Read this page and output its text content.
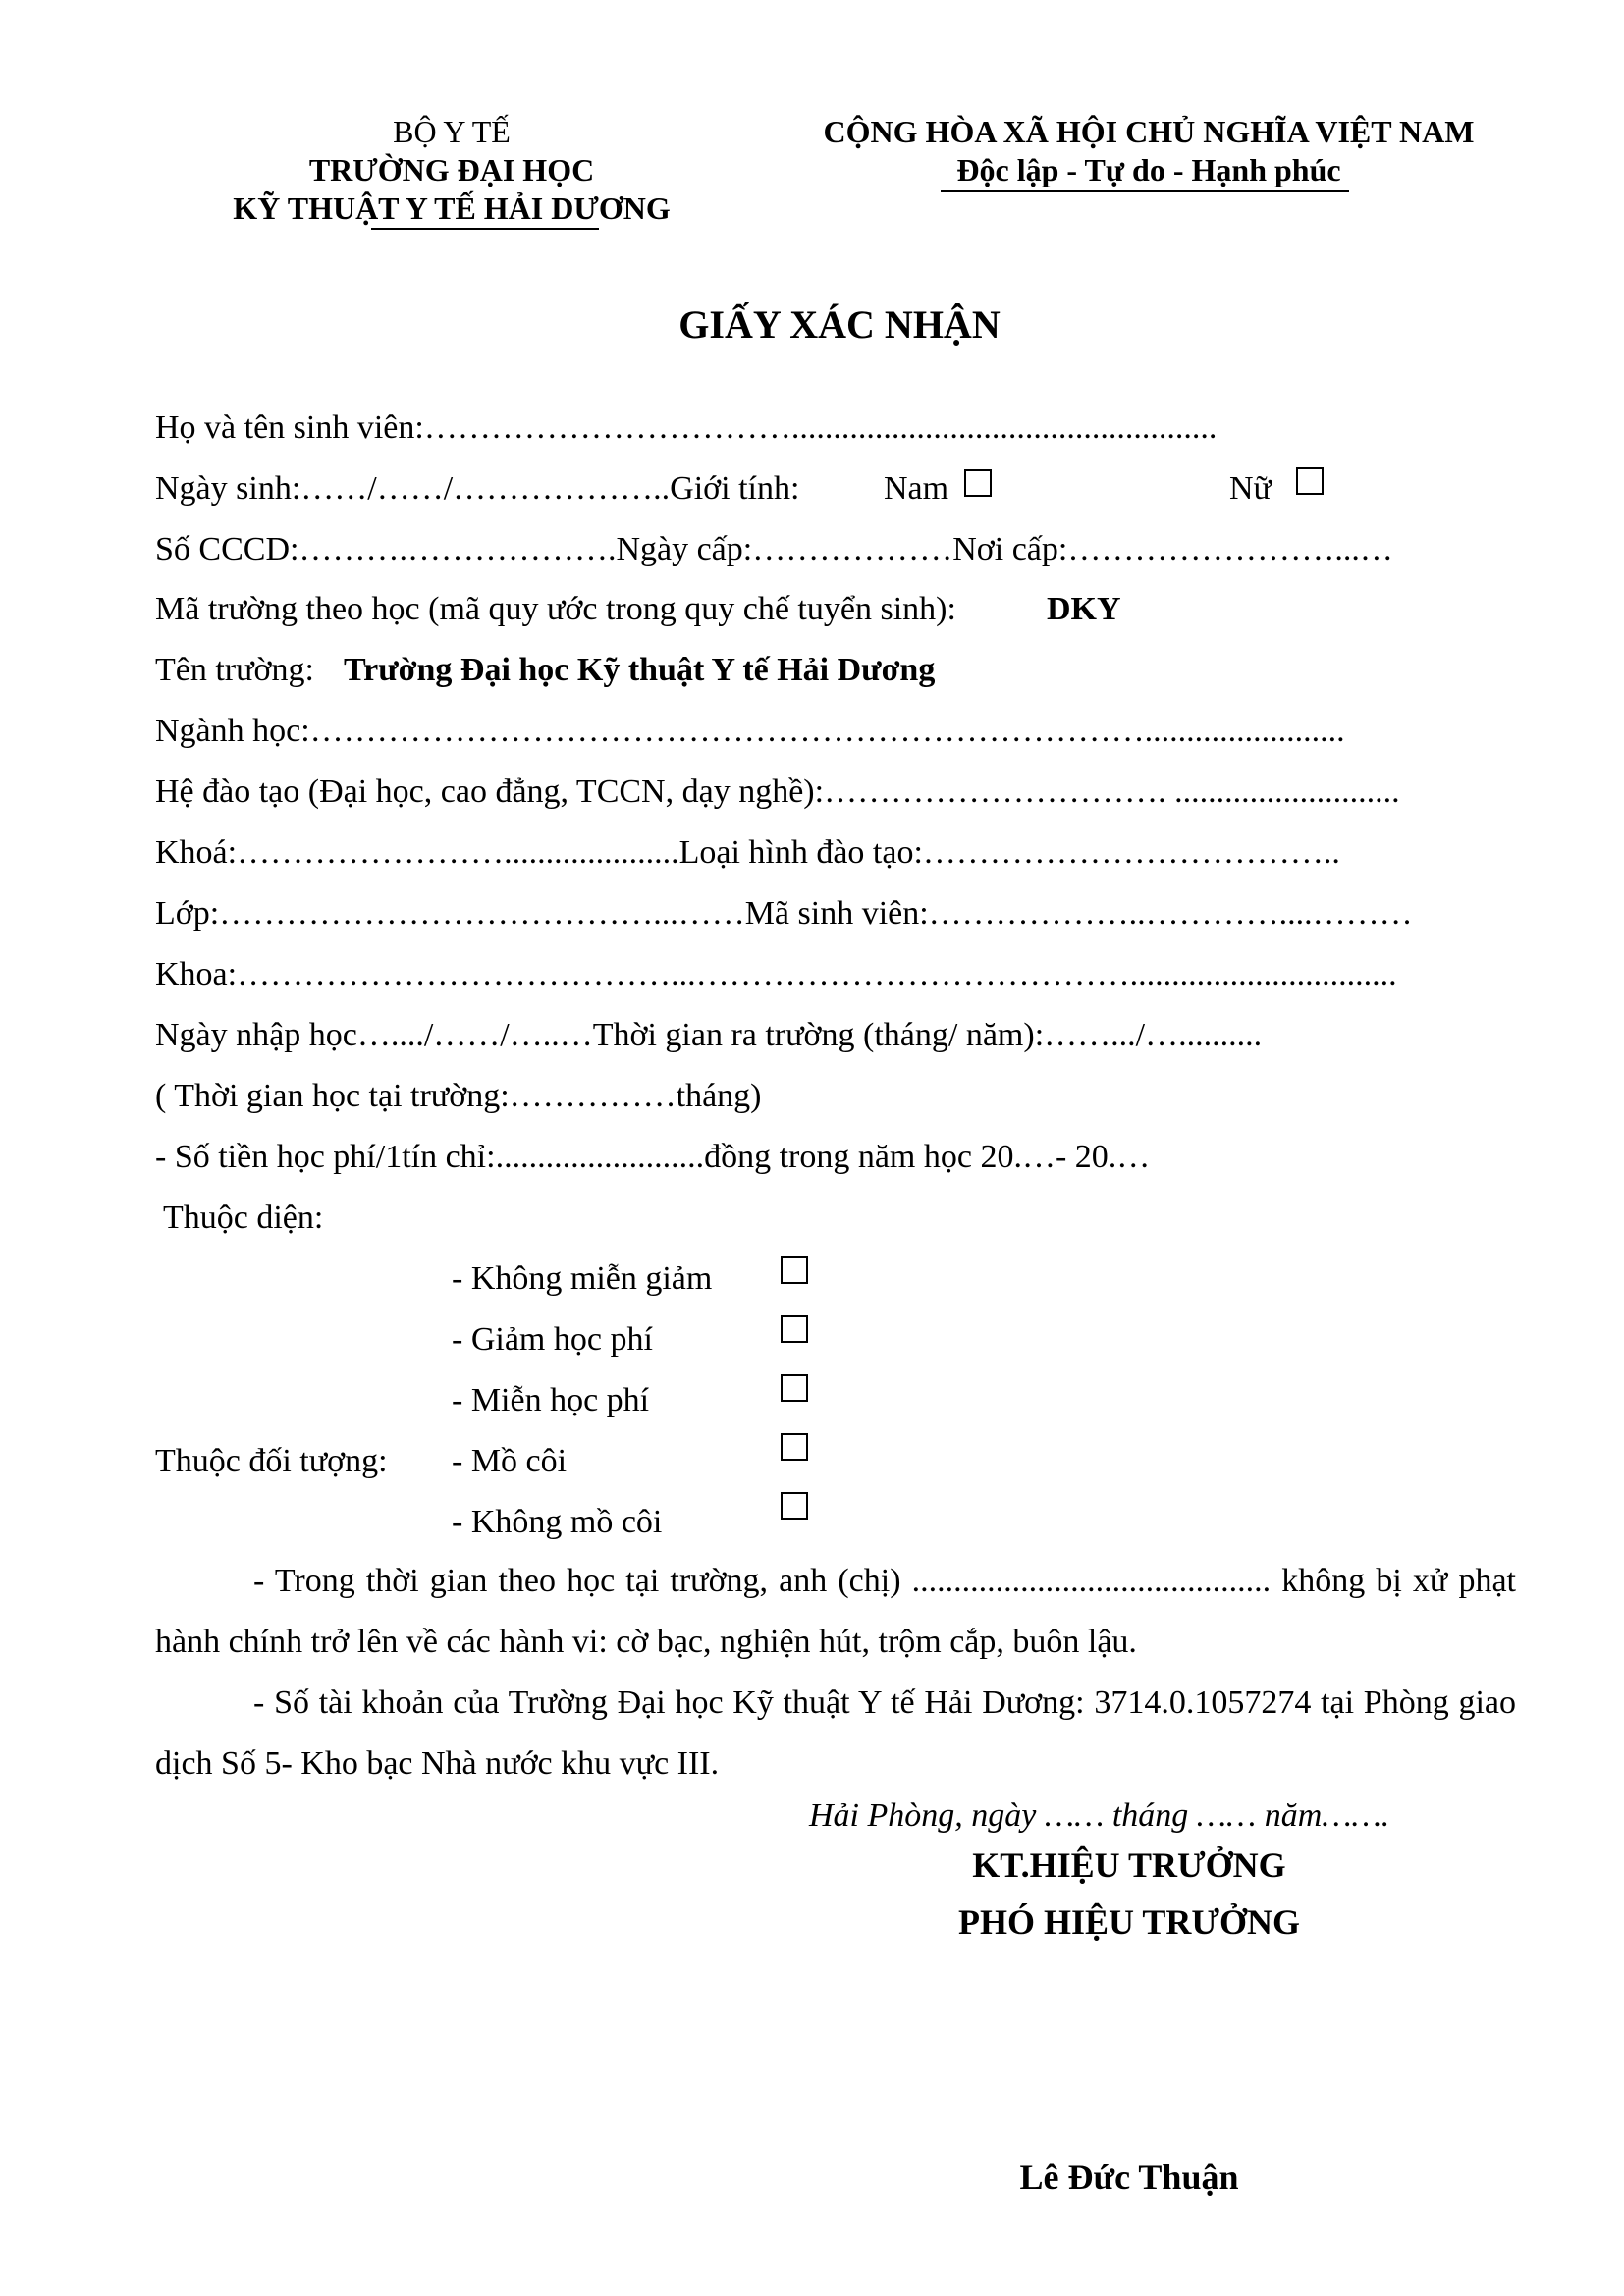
BỘ Y TẾ
TRƯỜNG ĐẠI HỌC
KỸ THUẬT Y TẾ HẢI DƯƠNG
CỘNG HÒA XÃ HỘI CHỦ NGHĨA VIỆT NAM
Độc lập - Tự do - Hạnh phúc
GIẤY XÁC NHẬN
Họ và tên sinh viên:……………………………...................................................
Ngày sinh:……/……/………………..Giới tính:	Nam	Nữ
Số CCCD:……….……………….Ngày cấp:………………Nơi cấp:……………………...…
Mã trường theo học (mã quy ước trong quy chế tuyển sinh):	DKY
Tên trường: Trường Đại học Kỹ thuật Y tế Hải Dương
Ngành học:…………………………………………………………………........................
Hệ đào tạo (Đại học, cao đẳng, TCCN, dạy nghề):…………………………. ...........................
Khoá:…………………….....................Loại hình đào tạo:………………………………..
Lớp:…………………………………...……Mã sinh viên:………………..…………....………
Khoa:…………………………………...…………………………………................................
Ngày nhập học…..../……/…..…Thời gian ra trường (tháng/ năm):…….../…..........
( Thời gian học tại trường:……………tháng)
- Số tiền học phí/1tín chỉ:.........................đồng trong năm học 20.…- 20.…
Thuộc diện:
- Không miễn giảm
- Giảm học phí
- Miễn học phí
Thuộc đối tượng: - Mồ côi
- Không mồ côi
- Trong thời gian theo học tại trường, anh (chị) ........................................... không bị xử phạt hành chính trở lên về các hành vi: cờ bạc, nghiện hút, trộm cắp, buôn lậu.
- Số tài khoản của Trường Đại học Kỹ thuật Y tế Hải Dương: 3714.0.1057274 tại Phòng giao dịch Số 5- Kho bạc Nhà nước khu vực III.
Hải Phòng, ngày …… tháng …… năm…….
KT.HIỆU TRƯỞNG
PHÓ HIỆU TRƯỞNG
Lê Đức Thuận
